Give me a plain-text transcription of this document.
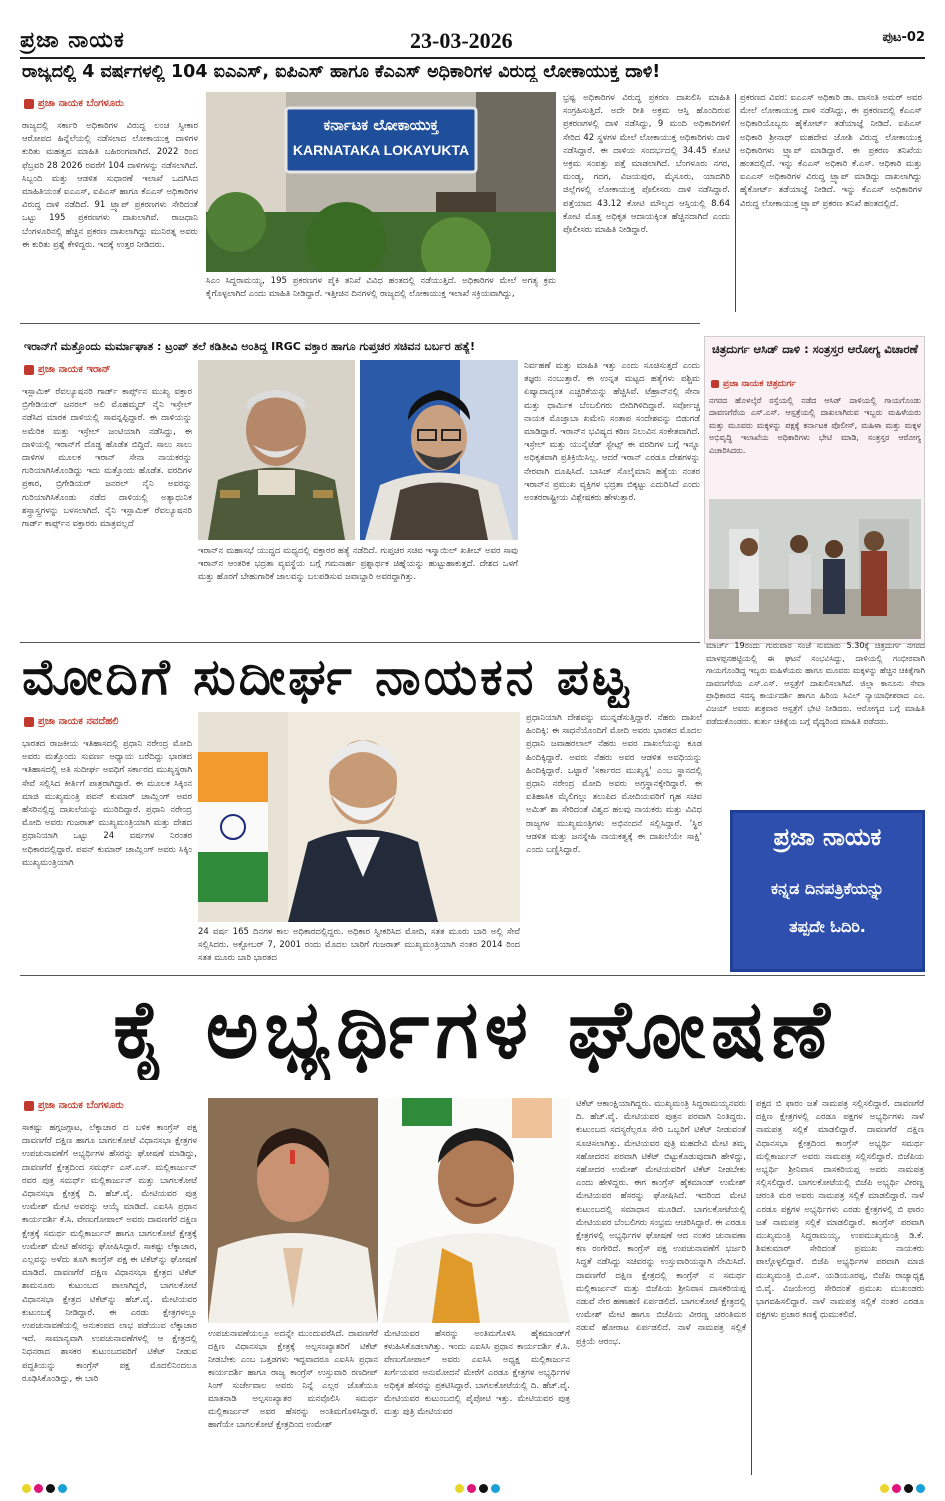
ಪ್ರಜಾ ನಾಯಕ	23-03-2026	ಪುಟ-02
ರಾಜ್ಯದಲ್ಲಿ 4 ವರ್ಷಗಳಲ್ಲಿ 104 ಐಎಎಸ್, ಐಪಿಎಸ್ ಹಾಗೂ ಕೆಎಎಸ್ ಅಧಿಕಾರಿಗಳ ವಿರುದ್ಧ ಲೋಕಾಯುಕ್ತ ದಾಳಿ!
ಪ್ರಜಾ ನಾಯಕ ಬೆಂಗಳೂರು
ರಾಜ್ಯದಲ್ಲಿ ಸರ್ಕಾರಿ ಅಧಿಕಾರಿಗಳ ವಿರುದ್ಧ ಲಂಚ ಸ್ವೀಕಾರ ಆರೋಪದ ಹಿನ್ನೆಲೆಯಲ್ಲಿ ನಡೆಸಲಾದ ಲೋಕಾಯುಕ್ತ ದಾಳಿಗಳ ಕುರಿತು ಮಹತ್ವದ ಮಾಹಿತಿ ಬಹಿರಂಗವಾಗಿದೆ. 2022 ರಿಂದ ಫೆಬ್ರವರಿ 28 2026 ರವರೆಗೆ 104 ದಾಳಿಗಳನ್ನು ನಡೆಸಲಾಗಿದೆ. ಸಿಬ್ಬಂದಿ ಮತ್ತು ಆಡಳಿತ ಸುಧಾರಣೆ ಇಲಾಖೆ ಒದಗಿಸಿದ ಮಾಹಿತಿಯಂತೆ ಐಎಎಸ್, ಐಪಿಎಸ್ ಹಾಗೂ ಕೆಎಎಸ್ ಅಧಿಕಾರಿಗಳ ವಿರುದ್ಧ ದಾಳಿ ನಡೆದಿದೆ. 91 ಟ್ರ್ಯಾಪ್ ಪ್ರಕರಣಗಳು ಸೇರಿದಂತೆ ಒಟ್ಟು 195 ಪ್ರಕರಣಗಳು ದಾಖಲಾಗಿವೆ. ರಾಜಧಾನಿ ಬೆಂಗಳೂರಿನಲ್ಲಿ ಹೆಚ್ಚಿನ ಪ್ರಕರಣ ದಾಖಲಾಗಿದ್ದು ಮುನಿರತ್ನ ಅವರು ಈ ಕುರಿತು ಪ್ರಶ್ನೆ ಕೇಳಿದ್ದರು. ಇದಕ್ಕೆ ಉತ್ತರ ನೀಡಿದರು.
ಕರ್ನಾಟಕ ಲೋಕಾಯುಕ್ತ
KARNATAKA LOKAYUKTA
ಸಿಎಂ ಸಿದ್ದರಾಮಯ್ಯ, 195 ಪ್ರಕರಣಗಳ ಪೈಕಿ ತನಿಖೆ ವಿವಿಧ ಹಂತದಲ್ಲಿ ನಡೆಯುತ್ತಿದೆ. ಅಧಿಕಾರಿಗಳ ಮೇಲೆ ಅಗತ್ಯ ಕ್ರಮ ಕೈಗೊಳ್ಳಲಾಗಿದೆ ಎಂದು ಮಾಹಿತಿ ನೀಡಿದ್ದಾರೆ. ಇತ್ತೀಚಿನ ದಿನಗಳಲ್ಲಿ ರಾಜ್ಯದಲ್ಲಿ ಲೋಕಾಯುಕ್ತ ಇಲಾಖೆ ಸಕ್ರಿಯವಾಗಿದ್ದು,
ಭ್ರಷ್ಟ ಅಧಿಕಾರಿಗಳ ವಿರುದ್ಧ ಪ್ರಕರಣ ದಾಖಲಿಸಿ ಮಾಹಿತಿ ಸಂಗ್ರಹಿಸುತ್ತಿದೆ. ಅದೇ ರೀತಿ ಅಕ್ರಮ ಆಸ್ತಿ ಹೊಂದಿರುವ ಪ್ರಕರಣಗಳಲ್ಲಿ ದಾಳಿ ನಡೆಸಿದ್ದು, 9 ಮಂದಿ ಅಧಿಕಾರಿಗಳಿಗೆ ಸೇರಿದ 42 ಸ್ಥಳಗಳ ಮೇಲೆ ಲೋಕಾಯುಕ್ತ ಅಧಿಕಾರಿಗಳು ದಾಳಿ ನಡೆಸಿದ್ದಾರೆ. ಈ ದಾಳಿಯ ಸಂದರ್ಭದಲ್ಲಿ 34.45 ಕೋಟಿ ಅಕ್ರಮ ಸಂಪತ್ತು ಪತ್ತೆ ಮಾಡಲಾಗಿದೆ. ಬೆಂಗಳೂರು ನಗರ, ಮಂಡ್ಯ, ಗದಗ, ವಿಜಯಪುರ, ಮೈಸೂರು, ಯಾದಗಿರಿ ಜಿಲ್ಲೆಗಳಲ್ಲಿ ಲೋಕಾಯುಕ್ತ ಪೊಲೀಸರು ದಾಳಿ ನಡೆಸಿದ್ದಾರೆ. ಪತ್ತೆಯಾದ 43.12 ಕೋಟಿ ಮೌಲ್ಯದ ಆಸ್ತಿಯಲ್ಲಿ 8.64 ಕೋಟಿ ಮೊತ್ತ ಅಧಿಕೃತ ಆದಾಯಕ್ಕಿಂತ ಹೆಚ್ಚಿನದಾಗಿದೆ ಎಂದು ಪೊಲೀಸರು ಮಾಹಿತಿ ನೀಡಿದ್ದಾರೆ.
ಪ್ರಕರಣದ ವಿವರ: ಐಎಎಸ್ ಅಧಿಕಾರಿ ಡಾ. ವಾಸಂತಿ ಅಮರ್ ಅವರ ಮೇಲೆ ಲೋಕಾಯುಕ್ತ ದಾಳಿ ನಡೆಸಿದ್ದು, ಈ ಪ್ರಕರಣದಲ್ಲಿ ಕೆಎಎಸ್ ಅಧಿಕಾರಿಯೊಬ್ಬರು ಹೈಕೋರ್ಟ್ ತಡೆಯಾಜ್ಞೆ ನೀಡಿದೆ. ಐಪಿಎಸ್ ಅಧಿಕಾರಿ ಶ್ರೀನಾಥ್ ಮಹದೇವ ಜೋಶಿ ವಿರುದ್ಧ ಲೋಕಾಯುಕ್ತ ಅಧಿಕಾರಿಗಳು ಟ್ರ್ಯಾಪ್ ಮಾಡಿದ್ದಾರೆ. ಈ ಪ್ರಕರಣ ತನಿಖೆಯ ಹಂತದಲ್ಲಿದೆ. ಇನ್ನು ಕೆಎಎಸ್ ಅಧಿಕಾರಿ ಕೆ.ಎಸ್. ಆಧಿಕಾರಿ ಮತ್ತು ಐಎಎಸ್ ಅಧಿಕಾರಿಗಳ ವಿರುದ್ಧ ಟ್ರ್ಯಾಪ್ ಮಾಡಿದ್ದು ದಾಖಲಾಗಿದ್ದು ಹೈಕೋರ್ಟ್ ತಡೆಯಾಜ್ಞೆ ನೀಡಿದೆ. ಇನ್ನು ಕೆಎಎಸ್ ಅಧಿಕಾರಿಗಳ ವಿರುದ್ಧ ಲೋಕಾಯುಕ್ತ ಟ್ರ್ಯಾಪ್ ಪ್ರಕರಣ ತನಿಖೆ ಹಂತದಲ್ಲಿದೆ.
ಇರಾನ್‌ಗೆ ಮತ್ತೊಂದು ಮರ್ಮಾಘಾತ : ಟ್ರಂಪ್ ತಲೆ ಕಡಿತೀವಿ ಅಂತಿದ್ದ IRGC ವಕ್ತಾರ ಹಾಗೂ ಗುಪ್ತಚರ ಸಚಿವನ ಬರ್ಬರ ಹತ್ಯೆ!
ಪ್ರಜಾ ನಾಯಕ ಇರಾನ್
ಇಸ್ಲಾಮಿಕ್ ರೆವಲ್ಯೂಷನರಿ ಗಾರ್ಡ್ ಕಾರ್ಪ್ಸ್‌ನ ಮುಖ್ಯ ವಕ್ತಾರ ಬ್ರಿಗೇಡಿಯರ್ ಜನರಲ್ ಅಲಿ ಮೊಹಮ್ಮದ್ ನೈನಿ ಇಸ್ರೇಲ್ ನಡೆಸಿದ ಮಾರಕ ದಾಳಿಯಲ್ಲಿ ಸಾವನ್ನಪ್ಪಿದ್ದಾರೆ. ಈ ದಾಳಿಯನ್ನು ಅಮೆರಿಕ ಮತ್ತು ಇಸ್ರೇಲ್ ಜಂಟಿಯಾಗಿ ನಡೆಸಿದ್ದು, ಈ ದಾಳಿಯಲ್ಲಿ ಇರಾನ್‌ಗೆ ದೊಡ್ಡ ಹೊಡೆತ ಬಿದ್ದಿದೆ. ಸಾಲು ಸಾಲು ದಾಳಿಗಳ ಮೂಲಕ ಇರಾನ್ ಸೇನಾ ನಾಯಕರನ್ನು ಗುರಿಯಾಗಿಸಿಕೊಂಡಿದ್ದು ಇದು ಮತ್ತೊಂದು ಹೊಡೆತ. ವರದಿಗಳ ಪ್ರಕಾರ, ಬ್ರಿಗೇಡಿಯರ್ ಜನರಲ್ ನೈನಿ ಅವರನ್ನು ಗುರಿಯಾಗಿಸಿಕೊಂಡು ನಡೆದ ದಾಳಿಯಲ್ಲಿ ಅತ್ಯಾಧುನಿಕ ಶಸ್ತ್ರಾಸ್ತ್ರಗಳನ್ನು ಬಳಸಲಾಗಿದೆ. ನೈನಿ ಇಸ್ಲಾಮಿಕ್ ರೆವಲ್ಯೂಷನರಿ ಗಾರ್ಡ್ ಕಾರ್ಪ್ಸ್‌ನ ವಕ್ತಾರರು ಮಾತ್ರವಲ್ಲದೆ
ಇರಾನ್‌ನ ಮಹಾಸಭೆ ಯುದ್ಧದ ಮಧ್ಯದಲ್ಲಿ ವಕ್ತಾರರ ಹತ್ಯೆ ನಡೆದಿದೆ. ಗುಪ್ತಚರ ಸಚಿವ ಇಸ್ಮಾಯಿಲ್ ಖತೀಬ್ ಅವರ ಸಾವು ಇರಾನ್‌ನ ಆಂತರಿಕ ಭದ್ರತಾ ವ್ಯವಸ್ಥೆಯ ಬಗ್ಗೆ ಗಮನಾರ್ಹ ಪ್ರಶ್ನಾರ್ಥಕ ಚಿಹ್ನೆಯನ್ನು ಹುಟ್ಟುಹಾಕುತ್ತದೆ. ದೇಶದ ಒಳಗೆ ಮತ್ತು ಹೊರಗೆ ಬೇಹುಗಾರಿಕೆ ಜಾಲವನ್ನು ಬಲಪಡಿಸುವ ಜವಾಬ್ದಾರಿ ಅವರದ್ದಾಗಿತ್ತು.
ನಿರ್ವಹಣೆ ಮತ್ತು ಮಾಹಿತಿ ಇತ್ತು ಎಂದು ಸೂಚಿಸುತ್ತದೆ ಎಂದು ತಜ್ಞರು ನಂಬುತ್ತಾರೆ. ಈ ಉನ್ನತ ಮಟ್ಟದ ಹತ್ಯೆಗಳು ಪಶ್ಚಿಮ ಏಷ್ಯಾದಾದ್ಯಂತ ಎಚ್ಚರಿಕೆಯನ್ನು ಹೆಚ್ಚಿಸಿವೆ. ಟೆಹ್ರಾನ್‌ನಲ್ಲಿ ಸೇನಾ ಮತ್ತು ಧಾರ್ಮಿಕ ಬೆಂಬಲಿಗರು ಬೀದಿಗಿಳಿದಿದ್ದಾರೆ. ಸರ್ವೋಚ್ಚ ನಾಯಕ ಮೊಜ್ತಾಬಾ ಖಮೇನಿ ಸಂತಾಪ ಸಂದೇಶವನ್ನು ಬಿಡುಗಡೆ ಮಾಡಿದ್ದಾರೆ. ಇರಾನ್‌ನ ಭವಿಷ್ಯದ ಕಠಿಣ ನಿಲುವಿನ ಸಂಕೇತವಾಗಿದೆ. ಇಸ್ರೇಲ್ ಮತ್ತು ಯುನೈಟೆಡ್ ಸ್ಟೇಟ್ಸ್ ಈ ವರದಿಗಳ ಬಗ್ಗೆ ಇನ್ನೂ ಅಧಿಕೃತವಾಗಿ ಪ್ರತಿಕ್ರಿಯಿಸಿಲ್ಲ. ಆದರೆ ಇರಾನ್ ಎರಡೂ ದೇಶಗಳನ್ನು ನೇರವಾಗಿ ದೂಷಿಸಿದೆ. ಬಾಸಿಜ್ ಸೊಲೈಮಾನಿ ಹತ್ಯೆಯ ನಂತರ ಇರಾನ್‌ನ ಪ್ರಮುಖ ವ್ಯಕ್ತಿಗಳ ಭದ್ರತಾ ಬಿಕ್ಕಟ್ಟು ಎದುರಿಸಿದೆ ಎಂದು ಅಂತರರಾಷ್ಟ್ರೀಯ ವಿಶ್ಲೇಷಕರು ಹೇಳುತ್ತಾರೆ.
ಚಿತ್ರದುರ್ಗ ಆಸಿಡ್ ದಾಳಿ : ಸಂತ್ರಸ್ತರ ಆರೋಗ್ಯ ವಿಚಾರಣೆ
ಪ್ರಜಾ ನಾಯಕ ಚಿತ್ರದುರ್ಗ
ನಗರದ ಹೊಳಲ್ಕೆರೆ ರಸ್ತೆಯಲ್ಲಿ ನಡೆದ ಆಸಿಡ್ ದಾಳಿಯಲ್ಲಿ ಗಾಯಗೊಂಡು ದಾವಣಗೆರೆಯ ಎಸ್.ಎಸ್. ಆಸ್ಪತ್ರೆಯಲ್ಲಿ ದಾಖಲಾಗಿರುವ ಇಬ್ಬರು ಮಹಿಳೆಯರು ಮತ್ತು ಮೂವರು ಮಕ್ಕಳನ್ನು ಪಕ್ಷಕ್ಕೆ ಕರ್ನಾಟಕ ಪೊಲೀಸ್, ಮಹಿಳಾ ಮತ್ತು ಮಕ್ಕಳ ಅಭಿವೃದ್ಧಿ ಇಲಾಖೆಯ ಅಧಿಕಾರಿಗಳು ಭೇಟಿ ಮಾಡಿ, ಸಂತ್ರಸ್ತರ ಆರೋಗ್ಯ ವಿಚಾರಿಸಿದರು.
ಮಾರ್ಚ್ 19ರಂದು ಗುರುವಾರ ಸಂಜೆ ಸುಮಾರು 5.30ಕ್ಕೆ ಚಿತ್ರದುರ್ಗ ನಗರದ ಮಾಳಪ್ಪನಹಟ್ಟಿಯಲ್ಲಿ ಈ ಘಟನೆ ಸಂಭವಿಸಿದ್ದು, ದಾಳಿಯಲ್ಲಿ ಗಂಭೀರವಾಗಿ ಗಾಯಗೊಂಡಿದ್ದ ಇಬ್ಬರು ಮಹಿಳೆಯರು ಹಾಗೂ ಮೂವರು ಮಕ್ಕಳನ್ನು ಹೆಚ್ಚಿನ ಚಿಕಿತ್ಸೆಗಾಗಿ ದಾವಣಗೆರೆಯ ಎಸ್.ಎಸ್. ಆಸ್ಪತ್ರೆಗೆ ದಾಖಲಿಸಲಾಗಿದೆ. ಜಿಲ್ಲಾ ಕಾನೂನು ಸೇವಾ ಪ್ರಾಧಿಕಾರದ ಸದಸ್ಯ ಕಾರ್ಯದರ್ಶಿ ಹಾಗೂ ಹಿರಿಯ ಸಿವಿಲ್ ನ್ಯಾಯಾಧೀಶರಾದ ಎಂ. ವಿಜಯ್ ಅವರು ಶುಕ್ರವಾರ ಆಸ್ಪತ್ರೆಗೆ ಭೇಟಿ ನೀಡಿದರು. ಆರೋಗ್ಯದ ಬಗ್ಗೆ ಮಾಹಿತಿ ಪಡೆದುಕೊಂಡರು. ತುರ್ತು ಚಿಕಿತ್ಸೆಯ ಬಗ್ಗೆ ವೈದ್ಯರಿಂದ ಮಾಹಿತಿ ಪಡೆದರು.
ಮೋದಿಗೆ ಸುದೀರ್ಘ ನಾಯಕನ ಪಟ್ಟ
ಪ್ರಜಾ ನಾಯಕ ನವದೆಹಲಿ
ಭಾರತದ ರಾಜಕೀಯ ಇತಿಹಾಸದಲ್ಲಿ ಪ್ರಧಾನಿ ನರೇಂದ್ರ ಮೋದಿ ಅವರು ಮತ್ತೊಂದು ಸುವರ್ಣ ಅಧ್ಯಾಯ ಬರೆದಿದ್ದು ಭಾರತದ ಇತಿಹಾಸದಲ್ಲಿ ಅತಿ ಸುದೀರ್ಘ ಅವಧಿಗೆ ಸರ್ಕಾರದ ಮುಖ್ಯಸ್ಥರಾಗಿ ಸೇವೆ ಸಲ್ಲಿಸಿದ ಕೀರ್ತಿಗೆ ಪಾತ್ರರಾಗಿದ್ದಾರೆ. ಈ ಮೂಲಕ ಸಿಕ್ಕಿಂನ ಮಾಜಿ ಮುಖ್ಯಮಂತ್ರಿ ಪವನ್ ಕುಮಾರ್ ಚಾಮ್ಲಿಂಗ್ ಅವರ ಹೆಸರಿನಲ್ಲಿದ್ದ ದಾಖಲೆಯನ್ನು ಮುರಿದಿದ್ದಾರೆ. ಪ್ರಧಾನಿ ನರೇಂದ್ರ ಮೋದಿ ಅವರು ಗುಜರಾತ್ ಮುಖ್ಯಮಂತ್ರಿಯಾಗಿ ಮತ್ತು ದೇಶದ ಪ್ರಧಾನಿಯಾಗಿ ಒಟ್ಟು 24 ವರ್ಷಗಳ ನಿರಂತರ ಅಧಿಕಾರದಲ್ಲಿದ್ದಾರೆ. ಪವನ್ ಕುಮಾರ್ ಚಾಮ್ಲಿಂಗ್ ಅವರು ಸಿಕ್ಕಿಂ ಮುಖ್ಯಮಂತ್ರಿಯಾಗಿ
24 ವರ್ಷ 165 ದಿನಗಳ ಕಾಲ ಅಧಿಕಾರದಲ್ಲಿದ್ದರು. ಅಧಿಕಾರ ಸ್ವೀಕರಿಸಿದ ಮೋದಿ, ಸತತ ಮೂರು ಬಾರಿ ಅಲ್ಲಿ ಸೇವೆ ಸಲ್ಲಿಸಿದರು. ಅಕ್ಟೋಬರ್ 7, 2001 ರಂದು ಮೊದಲ ಬಾರಿಗೆ ಗುಜರಾತ್ ಮುಖ್ಯಮಂತ್ರಿಯಾಗಿ ನಂತರ 2014 ರಿಂದ ಸತತ ಮೂರು ಬಾರಿ ಭಾರತದ
ಪ್ರಧಾನಿಯಾಗಿ ದೇಶವನ್ನು ಮುನ್ನಡೆಸುತ್ತಿದ್ದಾರೆ. ನೆಹರು ದಾಖಲೆ ಹಿಂದಿಕ್ಕಿ: ಈ ಸಾಧನೆಯೊಂದಿಗೆ ಮೋದಿ ಅವರು ಭಾರತದ ಮೊದಲ ಪ್ರಧಾನಿ ಜವಾಹರಲಾಲ್ ನೆಹರು ಅವರ ದಾಖಲೆಯನ್ನು ಕೂಡ ಹಿಂದಿಕ್ಕಿದ್ದಾರೆ. ಅವರು ನೆಹರು ಅವರ ಆಡಳಿತ ಅವಧಿಯನ್ನು ಹಿಂದಿಕ್ಕಿದ್ದಾರೆ. ಒಟ್ಟಾರೆ 'ಸರ್ಕಾರದ ಮುಖ್ಯಸ್ಥ' ಎಂಬ ಸ್ಥಾನದಲ್ಲಿ ಪ್ರಧಾನಿ ನರೇಂದ್ರ ಮೋದಿ ಅವರು ಅಗ್ರಸ್ಥಾನಕ್ಕೇರಿದ್ದಾರೆ. ಈ ಐತಿಹಾಸಿಕ ಮೈಲಿಗಲ್ಲು ತಲುಪಿದ ಮೋದಿಯವರಿಗೆ ಗೃಹ ಸಚಿವ ಅಮಿತ್ ಶಾ ಸೇರಿದಂತೆ ವಿಶ್ವದ ಹಲವು ನಾಯಕರು ಮತ್ತು ವಿವಿಧ ರಾಜ್ಯಗಳ ಮುಖ್ಯಮಂತ್ರಿಗಳು ಅಭಿನಂದನೆ ಸಲ್ಲಿಸಿದ್ದಾರೆ. 'ಸ್ಥಿರ ಆಡಳಿತ ಮತ್ತು ಜನಸ್ನೇಹಿ ನಾಯಕತ್ವಕ್ಕೆ ಈ ದಾಖಲೆಯೇ ಸಾಕ್ಷಿ' ಎಂದು ಬಣ್ಣಿಸಿದ್ದಾರೆ.	ಪ್ರಜಾ ನಾಯಕ
ಕನ್ನಡ ದಿನಪತ್ರಿಕೆಯನ್ನು
ತಪ್ಪದೇ ಓದಿರಿ.
ಕೈ ಅಭ್ಯರ್ಥಿಗಳ ಘೋಷಣೆ
ಪ್ರಜಾ ನಾಯಕ ಬೆಂಗಳೂರು
ಸಾಕಷ್ಟು ಹಗ್ಗಜಗ್ಗಾಟ, ಲೆಕ್ಕಾಚಾರ ದ ಬಳಿಕ ಕಾಂಗ್ರೆಸ್ ಪಕ್ಷ ದಾವಣಗೆರೆ ದಕ್ಷಿಣ ಹಾಗೂ ಬಾಗಲಕೋಟೆ ವಿಧಾನಸಭಾ ಕ್ಷೇತ್ರಗಳ ಉಪಚುನಾವಣೆಗೆ ಅಭ್ಯರ್ಥಿಗಳ ಹೆಸರನ್ನು ಘೋಷಣೆ ಮಾಡಿದ್ದು, ದಾವಣಗೆರೆ ಕ್ಷೇತ್ರದಿಂದ ಸಮರ್ಥ್ ಎಸ್.ಎಸ್. ಮಲ್ಲಿಕಾರ್ಜುನ್ ರವರ ಪುತ್ರ ಸಮರ್ಥ್ ಮಲ್ಲಿಕಾರ್ಜುನ್ ಮತ್ತು ಬಾಗಲಕೋಟೆ ವಿಧಾನಸಭಾ ಕ್ಷೇತ್ರಕ್ಕೆ ದಿ. ಹೆಚ್.ವೈ. ಮೇಟಿಯವರ ಪುತ್ರ ಉಮೇಶ್ ಮೇಟಿ ಅವರನ್ನು ಆಯ್ಕೆ ಮಾಡಿದೆ. ಎಐಸಿಸಿ ಪ್ರಧಾನ ಕಾರ್ಯದರ್ಶಿ ಕೆ.ಸಿ. ವೇಣುಗೋಪಾಲ್ ಅವರು ದಾವಣಗೆರೆ ದಕ್ಷಿಣ ಕ್ಷೇತ್ರಕ್ಕೆ ಸಮರ್ಥ ಮಲ್ಲಿಕಾರ್ಜುನ್ ಹಾಗೂ ಬಾಗಲಕೋಟೆ ಕ್ಷೇತ್ರಕ್ಕೆ ಉಮೇಶ್ ಮೇಟಿ ಹೆಸರನ್ನು ಘೋಷಿಸಿದ್ದಾರೆ. ಸಾಕಷ್ಟು ಲೆಕ್ಕಾಚಾರ, ಎಲ್ಲವನ್ನು ಅಳೆದು ತೂಗಿ ಕಾಂಗ್ರೆಸ್ ಪಕ್ಷ ಈ ಟಿಕೆಟ್‌ನ್ನು ಘೋಷಣೆ ಮಾಡಿದೆ. ದಾವಣಗೆರೆ ದಕ್ಷಿಣ ವಿಧಾನಸಭಾ ಕ್ಷೇತ್ರದ ಟಿಕೆಟ್ ಶಾಮನೂರು ಕುಟುಂಬದ ಪಾಲಾಗಿದ್ದರೆ, ಬಾಗಲಕೋಟೆ ವಿಧಾನಸಭಾ ಕ್ಷೇತ್ರದ ಟಿಕೆಟ್‌ನ್ನು ಹೆಚ್.ವೈ. ಮೇಟಿಯವರ ಕುಟುಂಬಕ್ಕೆ ನೀಡಿದ್ದಾರೆ. ಈ ಎರಡು ಕ್ಷೇತ್ರಗಳಲ್ಲೂ ಉಪಚುನಾವಣೆಯಲ್ಲಿ ಅನುಕಂಪದ ಲಾಭ ಪಡೆಯುವ ಲೆಕ್ಕಾಚಾರ ಇದೆ. ಸಾಮಾನ್ಯವಾಗಿ ಉಪಚುನಾವಣೆಗಳಲ್ಲಿ ಆ ಕ್ಷೇತ್ರದಲ್ಲಿ ನಿಧನರಾದ ಶಾಸಕರ ಕುಟುಂಬದವರಿಗೆ ಟಿಕೆಟ್ ನೀಡುವ ಪದ್ಧತಿಯನ್ನು ಕಾಂಗ್ರೆಸ್ ಪಕ್ಷ ಮೊದಲಿನಿಂದಲೂ ರೂಢಿಸಿಕೊಂಡಿದ್ದು, ಈ ಬಾರಿ
ಉಪಚುನಾವಣೆಯಲ್ಲೂ ಅದನ್ನೇ ಮುಂದುವರೆಸಿದೆ. ದಾವಣಗೆರೆ ದಕ್ಷಿಣ ವಿಧಾನಸಭಾ ಕ್ಷೇತ್ರಕ್ಕೆ ಅಲ್ಪಸಂಖ್ಯಾತರಿಗೆ ಟಿಕೆಟ್ ನೀಡಬೇಕು ಎಂಬ ಒತ್ತಡಗಳು ಇದ್ದವಾದರೂ ಎಐಸಿಸಿ ಪ್ರಧಾನ ಕಾರ್ಯದರ್ಶಿ ಹಾಗೂ ರಾಜ್ಯ ಕಾಂಗ್ರೆಸ್ ಉಸ್ತುವಾರಿ ರಣದೀಪ್ ಸಿಂಗ್ ಸುರ್ಜೇವಾಲ ಅವರು ನಿನ್ನೆ ಎಲ್ಲರ ಜೊತೆಯೂ ಮಾತನಾಡಿ ಅಲ್ಪಸಂಖ್ಯಾತರ ಮನವೊಲಿಸಿ ಸಮರ್ಥ ಮಲ್ಲಿಕಾರ್ಜುನ್ ಅವರ ಹೆಸರನ್ನು ಅಂತಿಮಗೊಳಿಸಿದ್ದಾರೆ. ಹಾಗೆಯೇ ಬಾಗಲಕೋಟೆ ಕ್ಷೇತ್ರದಿಂದ ಉಮೇಶ್
ಮೇಟಿಯವರ ಹೆಸರನ್ನು ಅಂತಿಮಗೊಳಿಸಿ ಹೈಕಮಾಂಡ್‌ಗೆ ಕಳುಹಿಸಿಕೊಡಲಾಗಿತ್ತು. ಇಂದು ಎಐಸಿಸಿ ಪ್ರಧಾನ ಕಾರ್ಯದರ್ಶಿ ಕೆ.ಸಿ. ವೇಣುಗೋಪಾಲ್ ಅವರು ಎಐಸಿಸಿ ಅಧ್ಯಕ್ಷ ಮಲ್ಲಿಕಾರ್ಜುನ ಖರ್ಗೆಯವರ ಅನುಮೋದನೆ ಮೇರೆಗೆ ಎರಡೂ ಕ್ಷೇತ್ರಗಳ ಅಭ್ಯರ್ಥಿಗಳ ಅಧಿಕೃತ ಹೆಸರನ್ನು ಪ್ರಕಟಿಸಿದ್ದಾರೆ. ಬಾಗಲಕೋಟೆಯಲ್ಲಿ ದಿ. ಹೆಚ್.ವೈ. ಮೇಟಿಯವರ ಕುಟುಂಬದಲ್ಲಿ ಪೈಪೋಟಿ ಇತ್ತು. ಮೇಟಿಯವರ ಪುತ್ರ ಮತ್ತು ಪುತ್ರಿ ಮೇಟಿಯವರ
ಟಿಕೆಟ್ ಆಕಾಂಕ್ಷಿಯಾಗಿದ್ದರು. ಮುಖ್ಯಮಂತ್ರಿ ಸಿದ್ದರಾಮಯ್ಯನವರು ದಿ. ಹೆಚ್.ವೈ. ಮೇಟಿಯವರ ಪುತ್ರನ ಪರವಾಗಿ ನಿಂತಿದ್ದರು. ಕುಟುಂಬದ ಸದಸ್ಯರೆಲ್ಲರೂ ಸೇರಿ ಒಬ್ಬರಿಗೆ ಟಿಕೆಟ್ ನೀಡುವಂತೆ ಸೂಚಿಸಲಾಗಿತ್ತು. ಮೇಟಿಯವರ ಪುತ್ರಿ ಮಹದೇವಿ ಮೇಟಿ ತಮ್ಮ ಸಹೋದರನ ಪರವಾಗಿ ಟಿಕೆಟ್ ಬಿಟ್ಟುಕೊಡುವುದಾಗಿ ಹೇಳಿದ್ದು, ಸಹೋದರ ಉಮೇಶ್ ಮೇಟಿಯವರಿಗೆ ಟಿಕೆಟ್ ನೀಡಬೇಕು ಎಂದು ಹೇಳಿದ್ದರು. ಈಗ ಕಾಂಗ್ರೆಸ್ ಹೈಕಮಾಂಡ್ ಉಮೇಶ್ ಮೇಟಿಯವರ ಹೆಸರನ್ನು ಘೋಷಿಸಿದೆ. ಇದರಿಂದ ಮೇಟಿ ಕುಟುಂಬದಲ್ಲಿ ಸಮಾಧಾನ ಮೂಡಿದೆ. ಬಾಗಲಕೋಟೆಯಲ್ಲಿ ಮೇಟಿಯವರ ಬೆಂಬಲಿಗರು ಸಂಭ್ರಮ ಆಚರಿಸಿದ್ದಾರೆ. ಈ ಎರಡೂ ಕ್ಷೇತ್ರಗಳಲ್ಲಿ ಅಭ್ಯರ್ಥಿಗಳ ಘೋಷಣೆ ಆದ ನಂತರ ಚುನಾವಣಾ ಕಣ ರಂಗೇರಿದೆ. ಕಾಂಗ್ರೆಸ್ ಪಕ್ಷ ಉಪಚುನಾವಣೆಗೆ ಭರ್ಜರಿ ಸಿದ್ಧತೆ ನಡೆಸಿದ್ದು ಸಚಿವರನ್ನು ಉಸ್ತುವಾರಿಯನ್ನಾಗಿ ನೇಮಿಸಿದೆ. ದಾವಣಗೆರೆ ದಕ್ಷಿಣ ಕ್ಷೇತ್ರದಲ್ಲಿ ಕಾಂಗ್ರೆಸ್ ನ ಸಮರ್ಥ ಮಲ್ಲಿಕಾರ್ಜುನ್ ಮತ್ತು ಬಿಜೆಪಿಯ ಶ್ರೀನಿವಾಸ ದಾಸಕರಿಯಪ್ಪ ನಡುವೆ ನೇರ ಹಣಾಹಣಿ ಏರ್ಪಡಲಿದೆ. ಬಾಗಲಕೋಟೆ ಕ್ಷೇತ್ರದಲ್ಲಿ ಉಮೇಶ್ ಮೇಟಿ ಹಾಗೂ ಬಿಜೆಪಿಯ ವೀರಣ್ಣ ಚರಂತಿಮಠ ನಡುವೆ ಹೋರಾಟ ಏರ್ಪಡಲಿದೆ. ನಾಳೆ ನಾಮಪತ್ರ ಸಲ್ಲಿಕೆ ಪ್ರಕ್ರಿಯೆ ಆರಂಭ.
ಪಕ್ಷದ ಬಿ ಫಾರಂ ಜತೆ ನಾಮಪತ್ರ ಸಲ್ಲಿಸಲಿದ್ದಾರೆ. ದಾವಣಗೆರೆ ದಕ್ಷಿಣ ಕ್ಷೇತ್ರಗಳಲ್ಲಿ ಎರಡೂ ಪಕ್ಷಗಳ ಅಭ್ಯರ್ಥಿಗಳು ನಾಳೆ ನಾಮಪತ್ರ ಸಲ್ಲಿಕೆ ಮಾಡಲಿದ್ದಾರೆ. ದಾವಣಗೆರೆ ದಕ್ಷಿಣ ವಿಧಾನಸಭಾ ಕ್ಷೇತ್ರದಿಂದ ಕಾಂಗ್ರೆಸ್ ಅಭ್ಯರ್ಥಿ ಸಮರ್ಥ ಮಲ್ಲಿಕಾರ್ಜುನ್ ಅವರು ನಾಮಪತ್ರ ಸಲ್ಲಿಸಲಿದ್ದಾರೆ. ಬಿಜೆಪಿಯ ಅಭ್ಯರ್ಥಿ ಶ್ರೀನಿವಾಸ ದಾಸಕರಿಯಪ್ಪ ಅವರು ನಾಮಪತ್ರ ಸಲ್ಲಿಸಲಿದ್ದಾರೆ. ಬಾಗಲಕೋಟೆಯಲ್ಲಿ ಬಿಜೆಪಿ ಅಭ್ಯರ್ಥಿ ವೀರಣ್ಣ ಚರಂತಿ ಮಠ ಅವರು ನಾಮಪತ್ರ ಸಲ್ಲಿಕೆ ಮಾಡಲಿದ್ದಾರೆ. ನಾಳೆ ಎರಡೂ ಪಕ್ಷಗಳ ಅಭ್ಯರ್ಥಿಗಳು ಎರಡು ಕ್ಷೇತ್ರಗಳಲ್ಲಿ ಬಿ ಫಾರಂ ಜತೆ ನಾಮಪತ್ರ ಸಲ್ಲಿಕೆ ಮಾಡಲಿದ್ದಾರೆ. ಕಾಂಗ್ರೆಸ್ ಪರವಾಗಿ ಮುಖ್ಯಮಂತ್ರಿ ಸಿದ್ದರಾಮಯ್ಯ, ಉಪಮುಖ್ಯಮಂತ್ರಿ ಡಿ.ಕೆ. ಶಿವಕುಮಾರ್ ಸೇರಿದಂತೆ ಪ್ರಮುಖ ನಾಯಕರು ಪಾಲ್ಗೊಳ್ಳಲಿದ್ದಾರೆ. ಬಿಜೆಪಿ ಅಭ್ಯರ್ಥಿಗಳ ಪರವಾಗಿ ಮಾಜಿ ಮುಖ್ಯಮಂತ್ರಿ ಬಿ.ಎಸ್. ಯಡಿಯೂರಪ್ಪ, ಬಿಜೆಪಿ ರಾಜ್ಯಾಧ್ಯಕ್ಷ ಬಿ.ವೈ. ವಿಜಯೇಂದ್ರ ಸೇರಿದಂತೆ ಪ್ರಮುಖ ಮುಖಂಡರು ಭಾಗವಹಿಸಲಿದ್ದಾರೆ. ನಾಳೆ ನಾಮಪತ್ರ ಸಲ್ಲಿಕೆ ನಂತರ ಎರಡೂ ಪಕ್ಷಗಳು ಪ್ರಚಾರ ಕಣಕ್ಕೆ ಧುಮುಕಲಿವೆ.
